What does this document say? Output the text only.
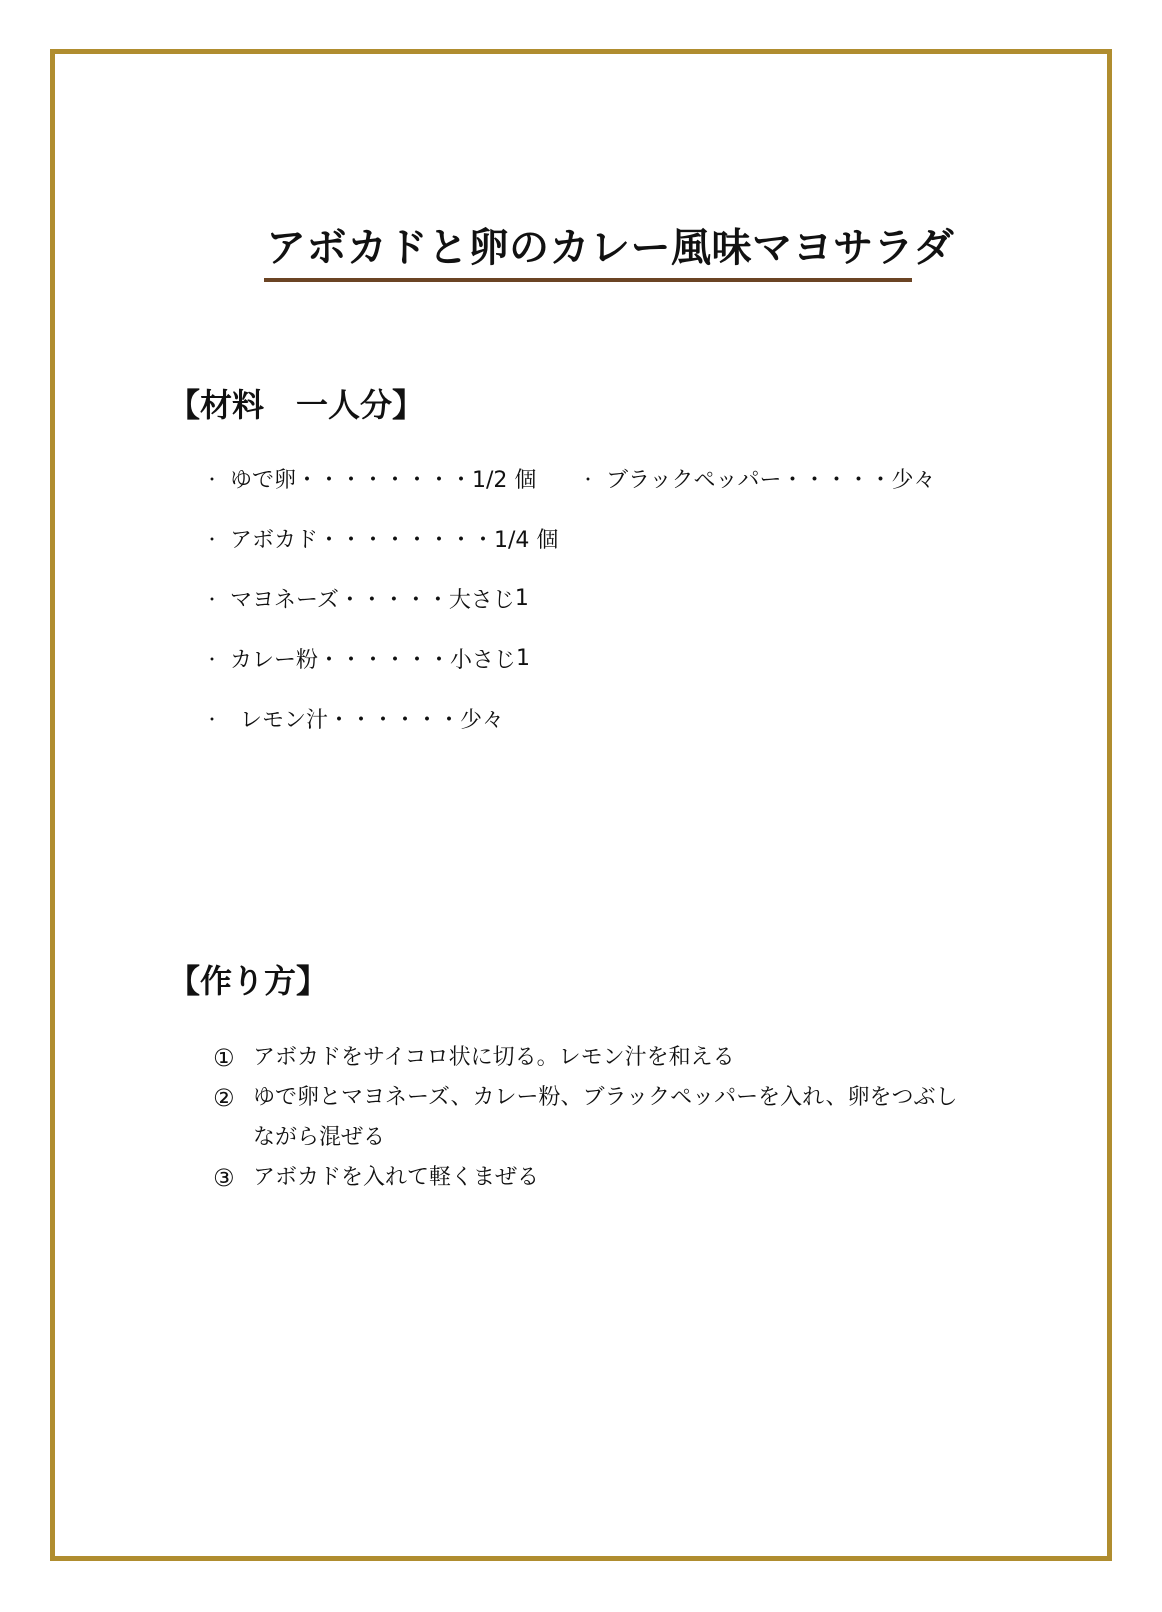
アボカドと卵のカレー風味マヨサラダ
【材料　一人分】
・ ゆで卵・・・・・・・・ 1/2 個
・ アボカド・・・・・・・・ 1/4 個
・ マヨネーズ・・・・・大さじ 1
・ カレー粉・・・・・・小さじ 1
・ レモン汁・・・・・・少々
・ ブラックペッパー・・・・・少々
【作り方】
① アボカドをサイコロ状に切る。レモン汁を和える
② ゆで卵とマヨネーズ、カレー粉、ブラックペッパーを入れ、卵をつぶしながら混ぜる
③ アボカドを入れて軽くまぜる
